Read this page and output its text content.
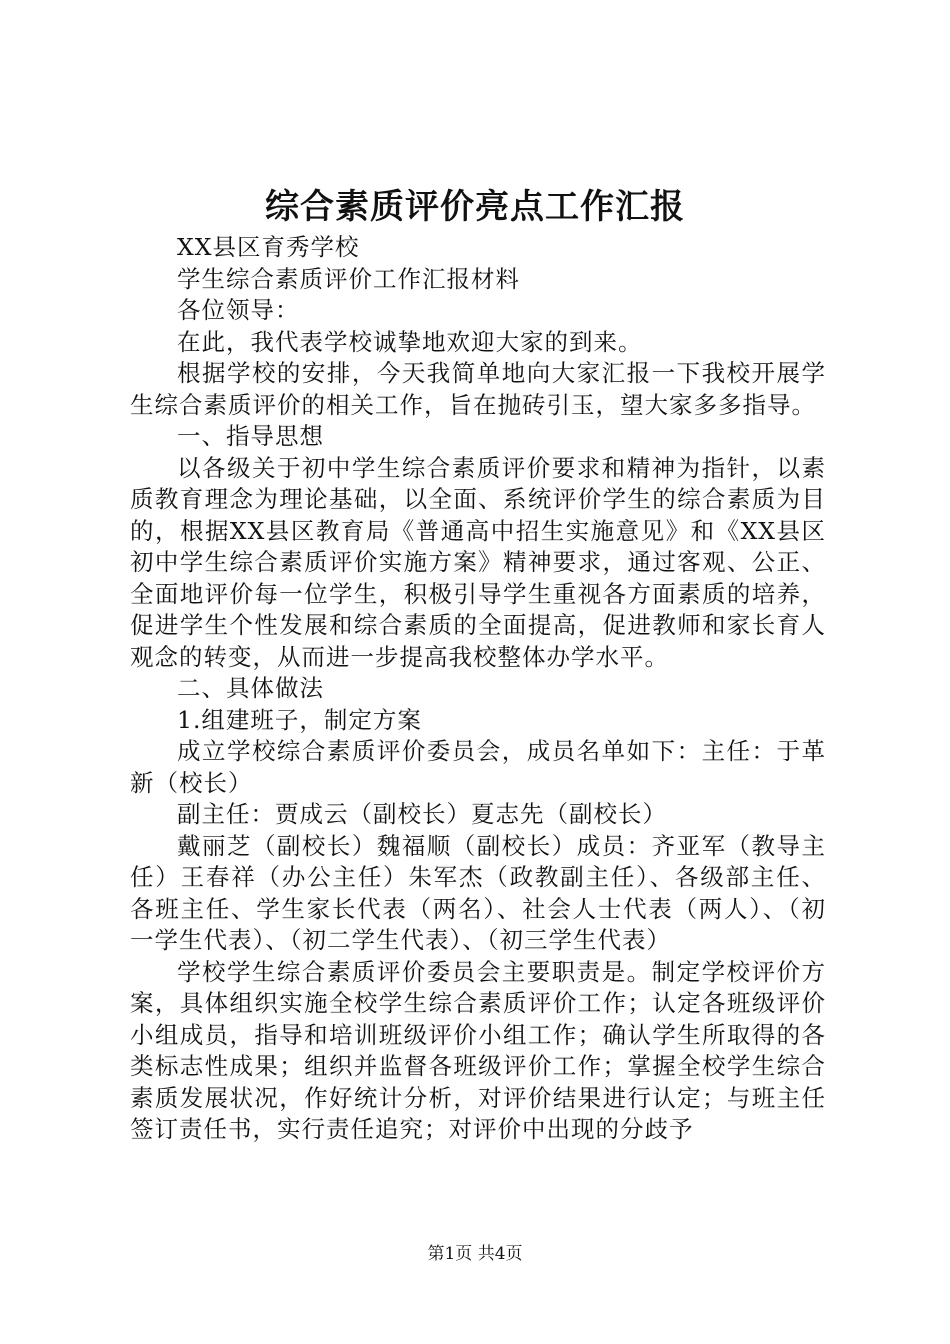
综合素质评价亮点工作汇报

XX县区育秀学校

学生综合素质评价工作汇报材料

各位领导：

在此，我代表学校诚挚地欢迎大家的到来。

根据学校的安排，今天我简单地向大家汇报一下我校开展学生综合素质评价的相关工作，旨在抛砖引玉，望大家多多指导。

一、指导思想

以各级关于初中学生综合素质评价要求和精神为指针，以素质教育理念为理论基础，以全面、系统评价学生的综合素质为目的，根据XX县区教育局《普通高中招生实施意见》和《XX县区初中学生综合素质评价实施方案》精神要求，通过客观、公正、全面地评价每一位学生，积极引导学生重视各方面素质的培养，促进学生个性发展和综合素质的全面提高，促进教师和家长育人观念的转变，从而进一步提高我校整体办学水平。

二、具体做法

1.组建班子，制定方案

成立学校综合素质评价委员会，成员名单如下：主任：于革新（校长）

副主任：贾成云（副校长）夏志先（副校长）

戴丽芝（副校长）魏福顺（副校长）成员：齐亚军（教导主任）王春祥（办公主任）朱军杰（政教副主任）、各级部主任、各班主任、学生家长代表（两名）、社会人士代表（两人）、（初一学生代表）、（初二学生代表）、（初三学生代表）

学校学生综合素质评价委员会主要职责是。制定学校评价方案，具体组织实施全校学生综合素质评价工作；认定各班级评价小组成员，指导和培训班级评价小组工作；确认学生所取得的各类标志性成果；组织并监督各班级评价工作；掌握全校学生综合素质发展状况，作好统计分析，对评价结果进行认定；与班主任签订责任书，实行责任追究；对评价中出现的分歧予

第1页 共4页
